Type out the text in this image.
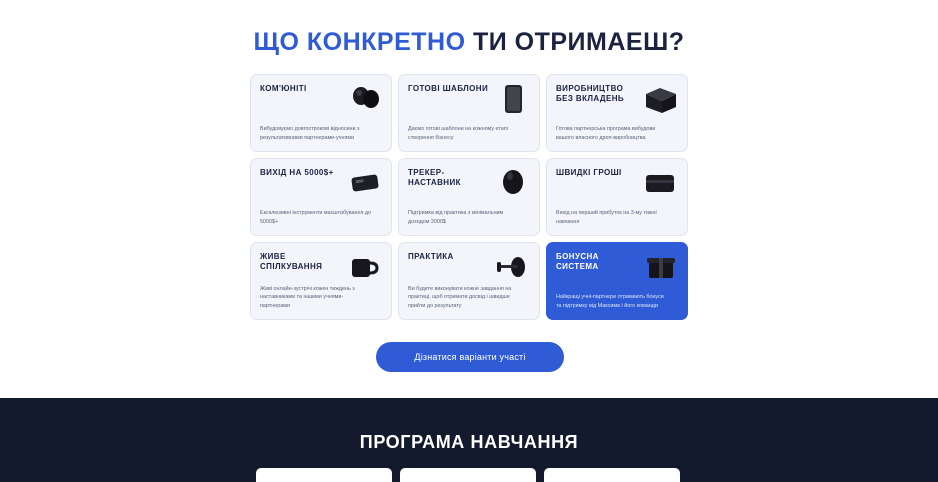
ЩО КОНКРЕТНО ТИ ОТРИМАЕШ?
КОМ'ЮНІТІ
Вибудовуємо довгострокові відносини з результативними партнерами-учнями
ГОТОВІ ШАБЛОНИ
Даємо готові шаблони на кожному етапі створення бізнесу
ВИРОБНИЦТВО БЕЗ ВКЛАДЕНЬ
Готова партнерська програма вибудови вашого власного дроп-виробництва
ВИХІД НА 5000$+
Ексклюзивні інструменти масштабування до 5000$+
ТРЕКЕР-НАСТАВНИК
Підтримка від практика з мінімальним доходом 2000$
ШВИДКІ ГРОШІ
Вихід на перший прибуток на 3-му тижні навчання
ЖИВЕ СПІЛКУВАННЯ
Живі онлайн-зустрічі кожен тиждень з наставниками та іншими учнями-партнерами
ПРАКТИКА
Ви будете виконувати кожне завдання на практиці, щоб отримати досвід і швидше прийти до результату
БОНУСНА СИСТЕМА
Найкращі учні-партнери отримають бонуси та підтримку від Максима і його команди
Дізнатися варіанти участі
ПРОГРАМА НАВЧАННЯ
